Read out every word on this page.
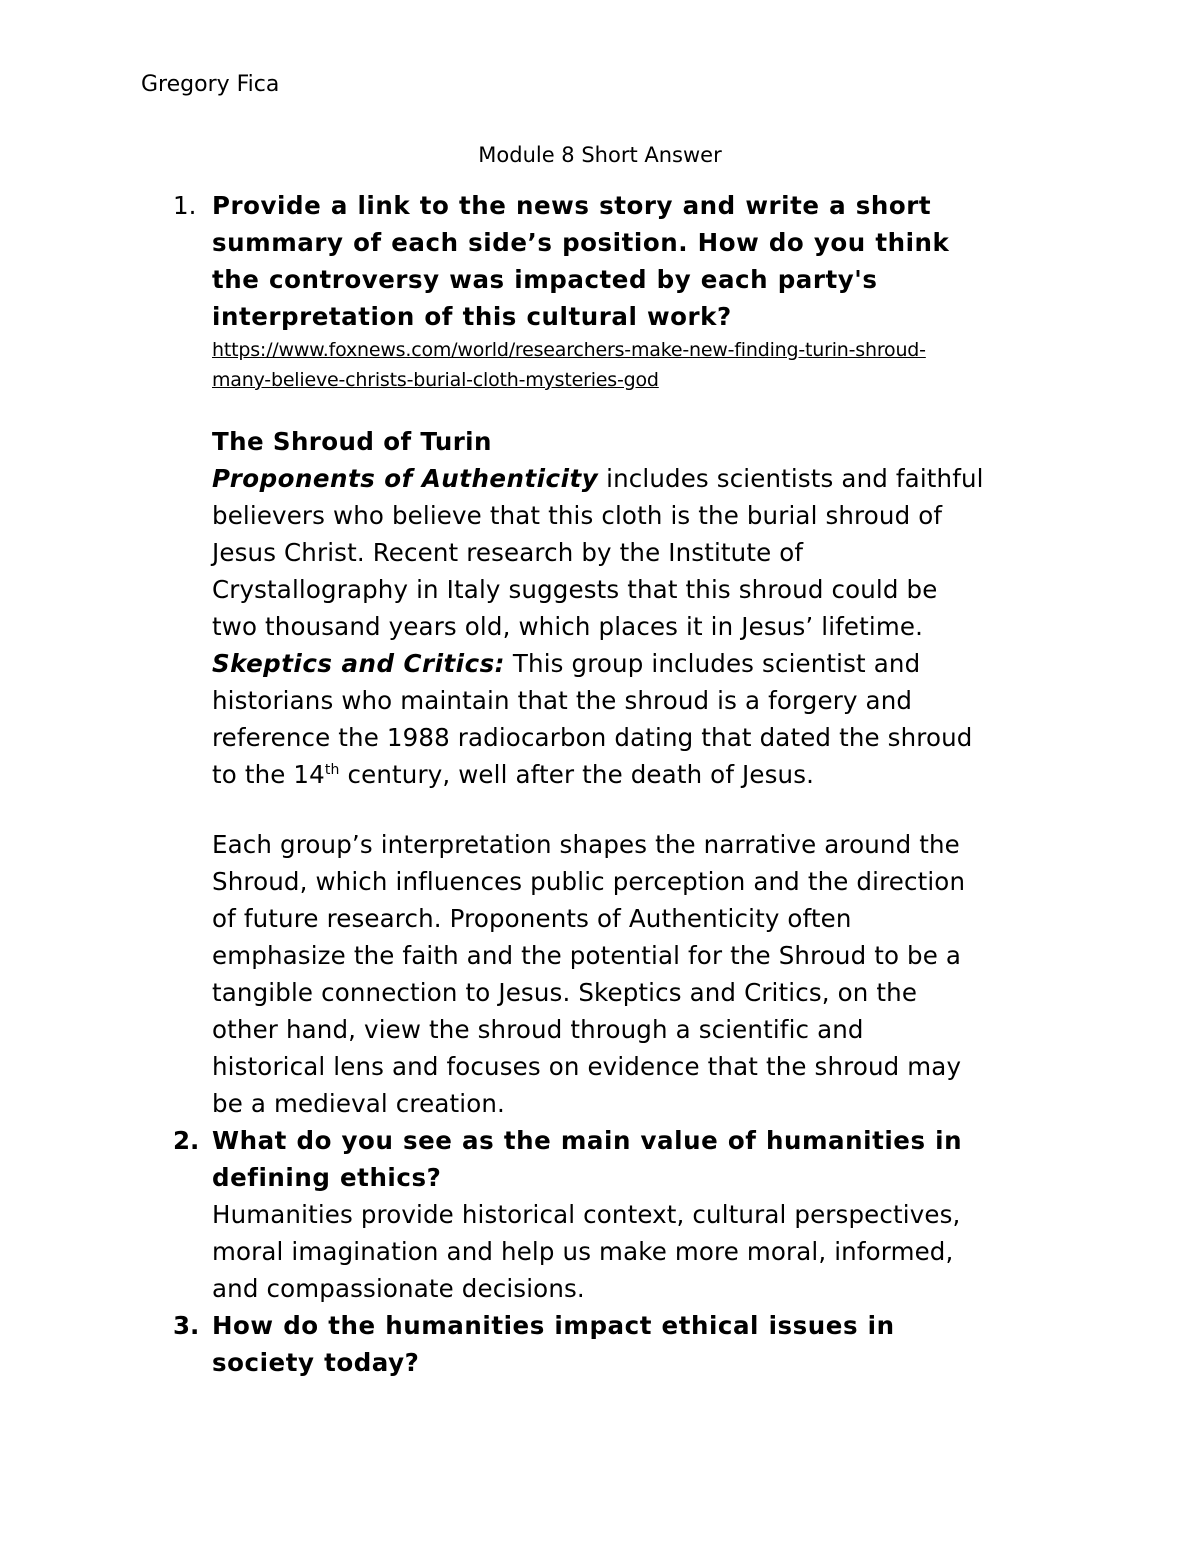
Gregory Fica
Module 8 Short Answer
1. Provide a link to the news story and write a short
summary of each side’s position. How do you think
the controversy was impacted by each party's
interpretation of this cultural work?
https://www.foxnews.com/world/researchers-make-new-finding-turin-shroud-
many-believe-christs-burial-cloth-mysteries-god
The Shroud of Turin
Proponents of Authenticity includes scientists and faithful
believers who believe that this cloth is the burial shroud of
Jesus Christ. Recent research by the Institute of
Crystallography in Italy suggests that this shroud could be
two thousand years old, which places it in Jesus’ lifetime.
Skeptics and Critics: This group includes scientist and
historians who maintain that the shroud is a forgery and
reference the 1988 radiocarbon dating that dated the shroud
to the 14th century, well after the death of Jesus.
Each group’s interpretation shapes the narrative around the
Shroud, which influences public perception and the direction
of future research. Proponents of Authenticity often
emphasize the faith and the potential for the Shroud to be a
tangible connection to Jesus. Skeptics and Critics, on the
other hand, view the shroud through a scientific and
historical lens and focuses on evidence that the shroud may
be a medieval creation.
2. What do you see as the main value of humanities in
defining ethics?
Humanities provide historical context, cultural perspectives,
moral imagination and help us make more moral, informed,
and compassionate decisions.
3. How do the humanities impact ethical issues in
society today?
